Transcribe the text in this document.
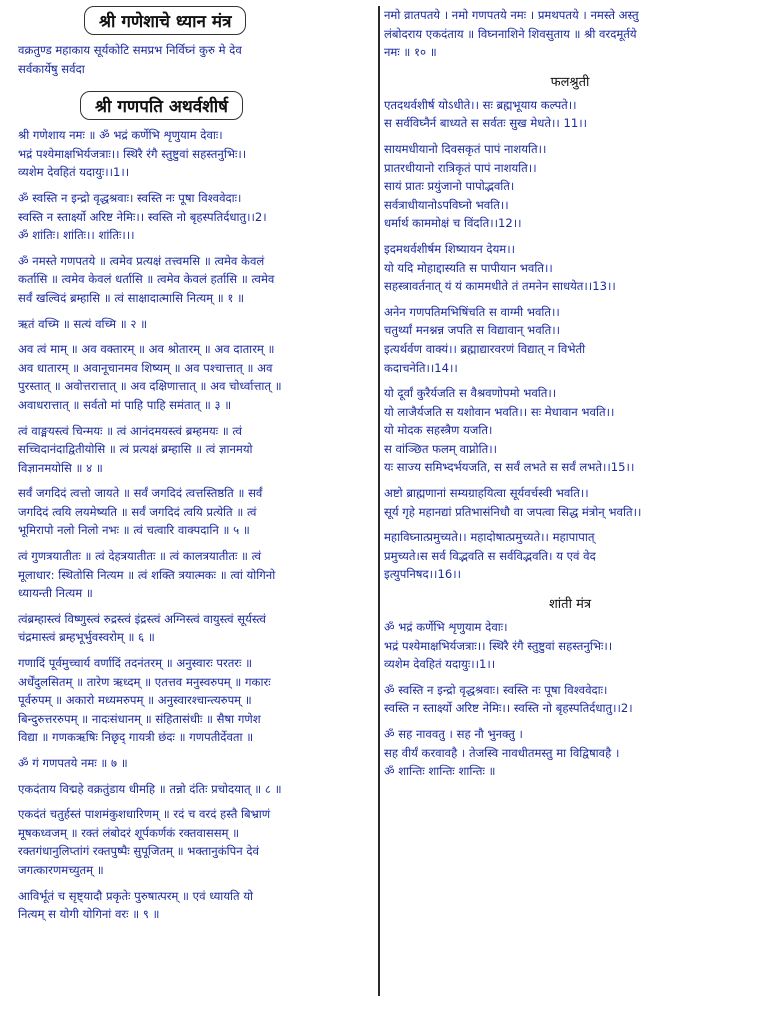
श्री गणेशाचे ध्यान मंत्र

वक्रतुण्ड महाकाय सूर्यकोटि समप्रभ निर्विघ्नं कुरु मे देव
सर्वकार्येषु सर्वदा

श्री गणपति अथर्वशीर्ष

श्री गणेशाय नमः ॥ ॐ भद्रं कर्णेभि शृणुयाम देवाः।
भद्रं पश्येमाक्षभिर्यजत्राः।। स्थिरै रंगै स्तुष्टुवां सहस्तनुभिः।।
व्यशेम देवहितं यदायुः।।1।।

ॐ स्वस्ति न इन्द्रो वृद्धश्रवाः। स्वस्ति नः पूषा विश्ववेदाः।
स्वस्ति न स्तार्क्ष्यो अरिष्ट नेमिः।। स्वस्ति नो बृहस्पतिर्दधातु।।2।
ॐ शांतिः। शांतिः।। शांतिः।।।

ॐ नमस्ते गणपतये ॥ त्वमेव प्रत्यक्षं तत्त्वमसि ॥ त्वमेव केवलं
कर्तासि ॥ त्वमेव केवलं धर्तासि ॥ त्वमेव केवलं हर्तासि ॥ त्वमेव
सर्वं खल्विदं ब्रम्हासि ॥ त्वं साक्षादात्मासि नित्यम् ॥ १ ॥

ऋतं वच्मि ॥ सत्यं वच्मि ॥ २ ॥

अव त्वं माम् ॥ अव वक्तारम् ॥ अव श्रोतारम् ॥ अव दातारम् ॥
अव धातारम् ॥ अवानूचानमव शिष्यम् ॥ अव पश्चात्तात् ॥ अव
पुरस्तात् ॥ अवोत्तरात्तात् ॥ अव दक्षिणात्तात् ॥ अव चोर्ध्वात्तात् ॥
अवाधरात्तात् ॥ सर्वतो मां पाहि पाहि समंतात् ॥ ३ ॥

त्वं वाङ्मयस्त्वं चिन्मयः ॥ त्वं आनंदमयस्त्वं ब्रम्हमयः ॥ त्वं
सच्चिदानंदाद्वितीयोसि ॥ त्वं प्रत्यक्षं ब्रम्हासि ॥ त्वं ज्ञानमयो
विज्ञानमयोसि ॥ ४ ॥

सर्वं जगदिदं त्वत्तो जायते ॥ सर्वं जगदिदं त्वत्तस्तिष्ठति ॥ सर्वं
जगदिदं त्वयि लयमेष्यति ॥ सर्वं जगदिदं त्वयि प्रत्येति ॥ त्वं
भूमिरापो नलो निलो नभः ॥ त्वं चत्वारि वाक्पदानि ॥ ५ ॥

त्वं गुणत्रयातीतः ॥ त्वं देहत्रयातीतः ॥ त्वं कालत्रयातीतः ॥ त्वं
मूलाधार: स्थितोसि नित्यम ॥ त्वं शक्ति त्रयात्मकः ॥ त्वां योगिनो
ध्यायन्ती नित्यम ॥

त्वंब्रम्हास्त्वं विष्णुस्त्वं रुद्रस्त्वं इंद्रस्त्वं अग्निस्त्वं वायुस्त्वं सूर्यस्त्वं
चंद्रमास्त्वं ब्रम्हभूर्भुवस्वरोम् ॥ ६ ॥

गणादिं पूर्वमुच्चार्य वर्णादिं तदनंतरम् ॥ अनुस्वारः परतरः ॥
अर्धेंदुलसितम् ॥ तारेण ऋध्दम् ॥ एतत्तव मनुस्वरुपम् ॥ गकारः
पूर्वरुपम् ॥ अकारो मध्यमरुपम् ॥ अनुस्वारश्चान्त्यरुपम् ॥
बिन्दुरुत्तररुपम् ॥ नादःसंधानम् ॥ संहितासंधीः ॥ सैषा गणेश
विद्या ॥ गणकऋषिः निछृद् गायत्री छंदः ॥ गणपतीर्देवता ॥

ॐ गं गणपतये नमः ॥ ७ ॥

एकदंताय विद्महे वक्रतुंडाय धीमहि ॥ तन्नो दंतिः प्रचोदयात् ॥ ८ ॥

एकदंतं चतुर्हस्तं पाशमंकुशधारिणम् ॥ रदं च वरदं हस्तै बिभ्राणं
मूषकध्वजम् ॥ रक्तं लंबोदरं शूर्पकर्णकं रक्तवाससम् ॥
रक्तगंधानुलिप्तांगं रक्तपुष्पैः सुपूजितम् ॥ भक्तानुकंपिन देवं
जगत्कारणमच्युतम् ॥

आविर्भूतं च सृष्ट्यादौ प्रकृतेः पुरुषात्परम् ॥ एवं ध्यायति यो
नित्यम् स योगी योगिनां वरः ॥ ९ ॥

नमो व्रातपतये । नमो गणपतये नमः । प्रमथपतये । नमस्ते अस्तु
लंबोदराय एकदंताय ॥ विघ्ननाशिने शिवसुताय ॥ श्री वरदमूर्तये
नमः ॥ १० ॥

फलश्रुती

एतदथर्वशीर्ष योऽधीते।। सः ब्रह्मभूयाय कल्पते।।
स सर्वविघ्नैर्न बाध्यते स सर्वतः सुख मेधते।। 11।।

सायमधीयानो दिवसकृतं पापं नाशयति।।
प्रातरधीयानो रात्रिकृतं पापं नाशयति।।
सायं प्रातः प्रयुंजानो पापोद्भवति।
सर्वत्राधीयानोऽपविघ्नो भवति।।
धर्मार्थ काममोक्षं च विंदति।।12।।

इदमथर्वशीर्षम शिष्यायन देयम।।
यो यदि मोहाद्दास्यति स पापीयान भवति।।
सहस्त्रावर्तनात् यं यं काममधीते तं तमनेन साधयेत।।13।।

अनेन गणपतिमभिषिंचति स वाग्मी भवति।।
चतुर्थ्यां मनश्नन्न जपति स विद्यावान् भवति।।
इत्यर्थर्वण वाक्यं।। ब्रह्माद्यारवरणं विद्यात् न विभेती
कदाचनेति।।14।।

यो दूर्वां कुरैर्यजति स वैश्रवणोपमो भवति।।
यो लाजैर्यजति स यशोवान भवति।। सः मेधावान भवति।।
यो मोदक सहस्त्रैण यजति।
स वांञ्छित फलम् वाप्नोति।।
यः साज्य समिभ्दर्भयजति, स सर्वं लभते स सर्वं लभते।।15।।

अष्टो ब्राह्मणानां सम्यग्राहयित्वा सूर्यवर्चस्वी भवति।।
सूर्य गृहे महानद्यां प्रतिभासंनिधौ वा जपत्वा सिद्ध मंत्रोन् भवति।।

महाविघ्नात्प्रमुच्यते।। महादोषात्प्रमुच्यते।। महापापात्
प्रमुच्यते।स सर्व विद्भवति स सर्वविद्भवति। य एवं वेद
इत्युपनिषद।।16।।

शांती मंत्र

ॐ भद्रं कर्णेभि शृणुयाम देवाः।
भद्रं पश्येमाक्षभिर्यजत्राः।। स्थिरै रंगै स्तुष्टुवां सहस्तनुभिः।।
व्यशेम देवहितं यदायुः।।1।।

ॐ स्वस्ति न इन्द्रो वृद्धश्रवाः। स्वस्ति नः पूषा विश्ववेदाः।
स्वस्ति न स्तार्क्ष्यो अरिष्ट नेमिः।। स्वस्ति नो बृहस्पतिर्दधातु।।2।

ॐ सह नाववतु । सह नौ भुनक्तु ।
सह वीर्यं करवावहै । तेजस्वि नावधीतमस्तु मा विद्विषावहै ।
ॐ शान्तिः शान्तिः शान्तिः ॥
